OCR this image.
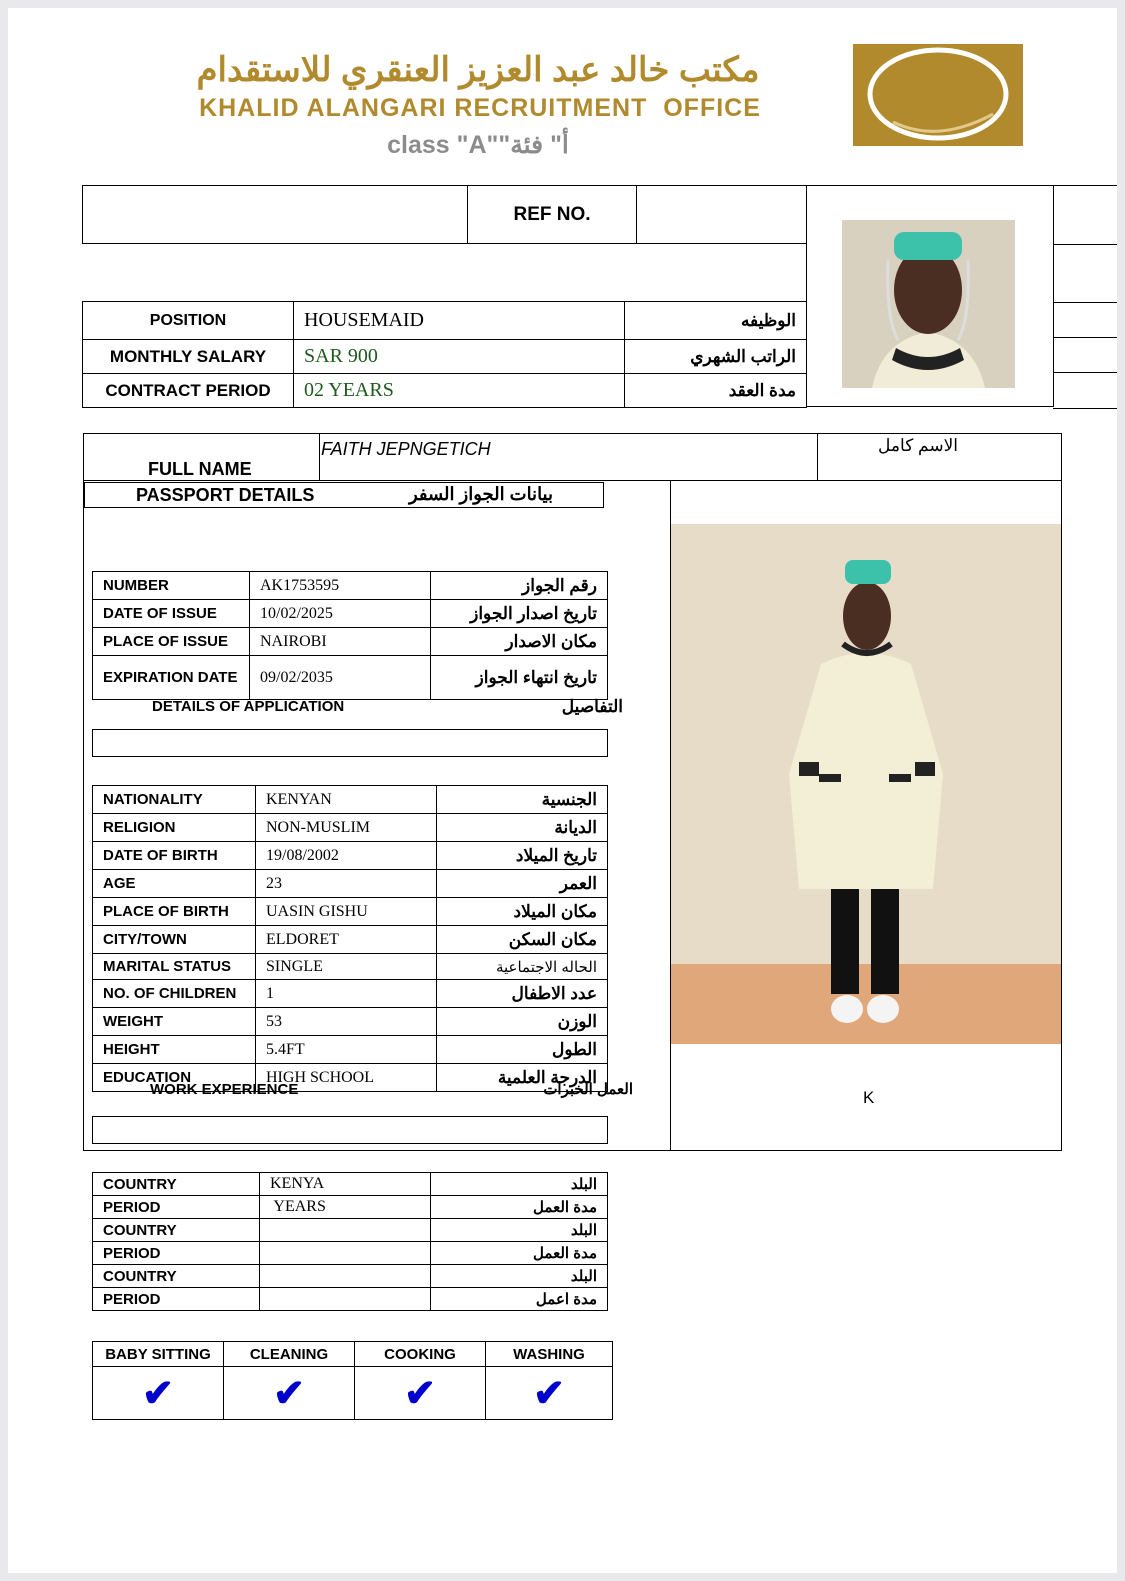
مكتب خالد عبد العزيز العنقري للاستقدام
KHALID ALANGARI RECRUITMENT  OFFICE
class "A""أ" فئة
REF NO.
POSITION	HOUSEMAID	الوظيفه
MONTHLY SALARY	SAR 900	الراتب الشهري
CONTRACT PERIOD	02 YEARS	مدة العقد
FULL NAME
FAITH JEPNGETICH	الاسم كامل
PASSPORT DETAILS	بيانات الجواز السفر
NUMBER	AK1753595	رقم الجواز
DATE OF ISSUE	10/02/2025	تاريخ اصدار الجواز
PLACE OF ISSUE	NAIROBI	مكان الاصدار
EXPIRATION DATE	09/02/2035	تاريخ انتهاء الجواز
DETAILS OF APPLICATION	التفاصيل
NATIONALITY	KENYAN	الجنسية
RELIGION	NON-MUSLIM	الديانة
DATE OF BIRTH	19/08/2002	تاريخ الميلاد
AGE	23	العمر
PLACE OF BIRTH	UASIN GISHU	مكان الميلاد
CITY/TOWN	ELDORET	مكان السكن
MARITAL STATUS	SINGLE	الحاله الاجتماعية
NO. OF CHILDREN	1	عدد الاطفال
WEIGHT	53	الوزن
HEIGHT	5.4FT	الطول
EDUCATION	HIGH SCHOOL	الدرجة العلمية
WORK EXPERIENCE	العمل الخبرات	K
COUNTRY	KENYA	البلد
PERIOD	YEARS	مدة العمل
COUNTRY		البلد
PERIOD		مدة العمل
COUNTRY		البلد
PERIOD		مدة اعمل
BABY SITTING	CLEANING	COOKING	WASHING
✔	✔	✔	✔
